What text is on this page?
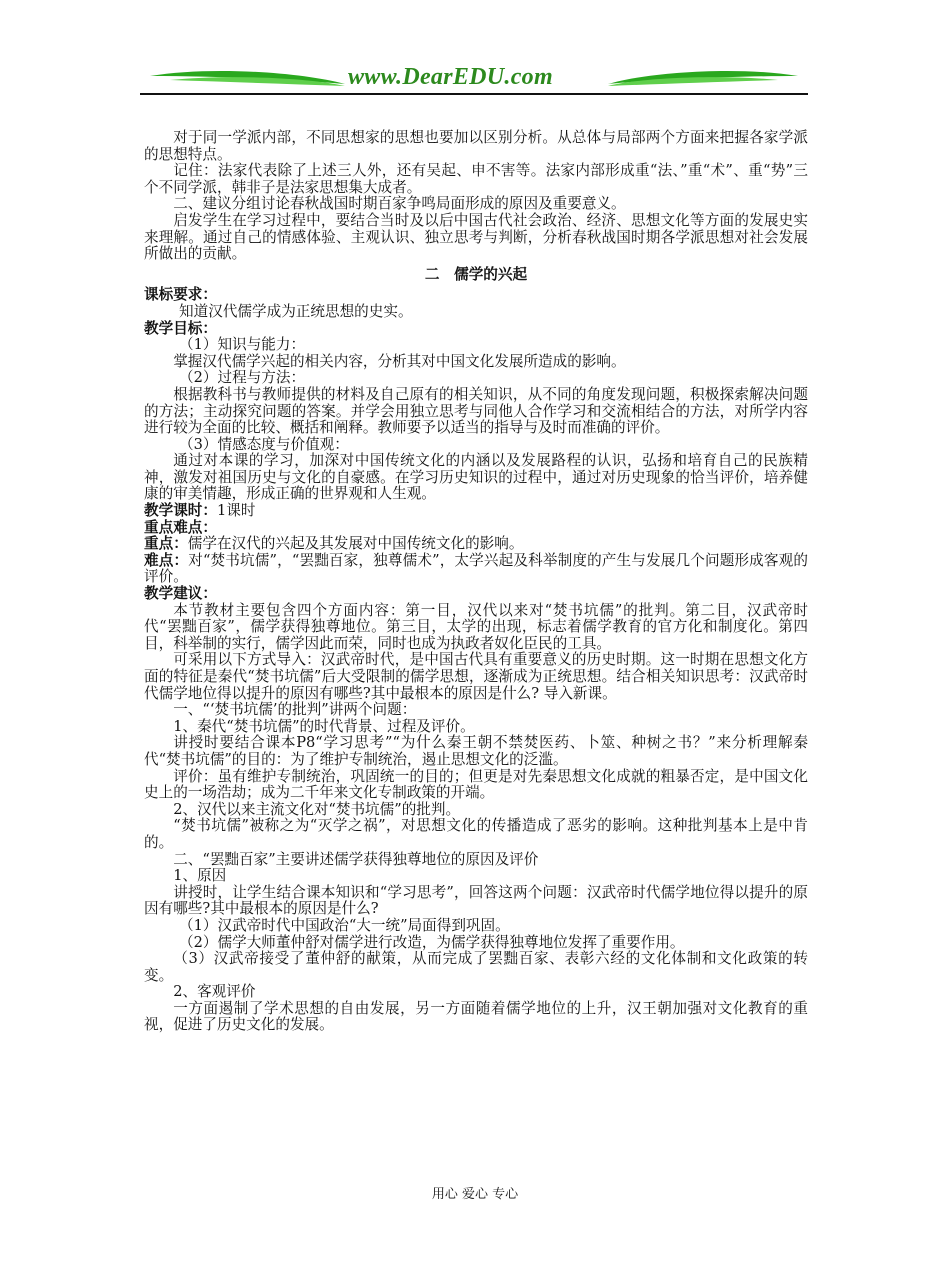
www.DearEDU.com

对于同一学派内部，不同思想家的思想也要加以区别分析。从总体与局部两个方面来把握各家学派的思想特点。

记住：法家代表除了上述三人外，还有吴起、申不害等。法家内部形成重“法、”重“术”、重“势”三个不同学派，韩非子是法家思想集大成者。

二、建议分组讨论春秋战国时期百家争鸣局面形成的原因及重要意义。

启发学生在学习过程中，要结合当时及以后中国古代社会政治、经济、思想文化等方面的发展史实来理解。通过自己的情感体验、主观认识、独立思考与判断，分析春秋战国时期各学派思想对社会发展所做出的贡献。

二　儒学的兴起

课标要求：

知道汉代儒学成为正统思想的史实。

教学目标：

（1）知识与能力：

掌握汉代儒学兴起的相关内容，分析其对中国文化发展所造成的影响。

（2）过程与方法：

根据教科书与教师提供的材料及自己原有的相关知识，从不同的角度发现问题，积极探索解决问题的方法；主动探究问题的答案。并学会用独立思考与同他人合作学习和交流相结合的方法，对所学内容进行较为全面的比较、概括和阐释。教师要予以适当的指导与及时而准确的评价。

（3）情感态度与价值观：

通过对本课的学习，加深对中国传统文化的内涵以及发展路程的认识，弘扬和培育自己的民族精神，激发对祖国历史与文化的自豪感。在学习历史知识的过程中，通过对历史现象的恰当评价，培养健康的审美情趣，形成正确的世界观和人生观。

教学课时：1课时

重点难点：

重点：儒学在汉代的兴起及其发展对中国传统文化的影响。

难点：对“焚书坑儒”，“罢黜百家，独尊儒术”，太学兴起及科举制度的产生与发展几个问题形成客观的评价。

教学建议：

本节教材主要包含四个方面内容：第一目，汉代以来对“焚书坑儒”的批判。第二目，汉武帝时代“罢黜百家”，儒学获得独尊地位。第三目，太学的出现，标志着儒学教育的官方化和制度化。第四目，科举制的实行，儒学因此而荣，同时也成为执政者奴化臣民的工具。

可采用以下方式导入：汉武帝时代，是中国古代具有重要意义的历史时期。这一时期在思想文化方面的特征是秦代“焚书坑儒”后大受限制的儒学思想，逐渐成为正统思想。结合相关知识思考：汉武帝时代儒学地位得以提升的原因有哪些?其中最根本的原因是什么? 导入新课。

一、“‘焚书坑儒’的批判”讲两个问题：

1、秦代“焚书坑儒”的时代背景、过程及评价。

讲授时要结合课本P8“学习思考”“为什么秦王朝不禁焚医药、卜筮、种树之书？”来分析理解秦代“焚书坑儒”的目的：为了维护专制统治，遏止思想文化的泛滥。

评价：虽有维护专制统治，巩固统一的目的；但更是对先秦思想文化成就的粗暴否定，是中国文化史上的一场浩劫；成为二千年来文化专制政策的开端。

2、汉代以来主流文化对“焚书坑儒”的批判。

“焚书坑儒”被称之为“灭学之祸”，对思想文化的传播造成了恶劣的影响。这种批判基本上是中肯的。

二、“罢黜百家”主要讲述儒学获得独尊地位的原因及评价

1、原因

讲授时，让学生结合课本知识和“学习思考”，回答这两个问题：汉武帝时代儒学地位得以提升的原因有哪些?其中最根本的原因是什么?

（1）汉武帝时代中国政治“大一统”局面得到巩固。

（2）儒学大师董仲舒对儒学进行改造，为儒学获得独尊地位发挥了重要作用。

（3）汉武帝接受了董仲舒的献策，从而完成了罢黜百家、表彰六经的文化体制和文化政策的转变。

2、客观评价

一方面遏制了学术思想的自由发展，另一方面随着儒学地位的上升，汉王朝加强对文化教育的重视，促进了历史文化的发展。

用心 爱心 专心
